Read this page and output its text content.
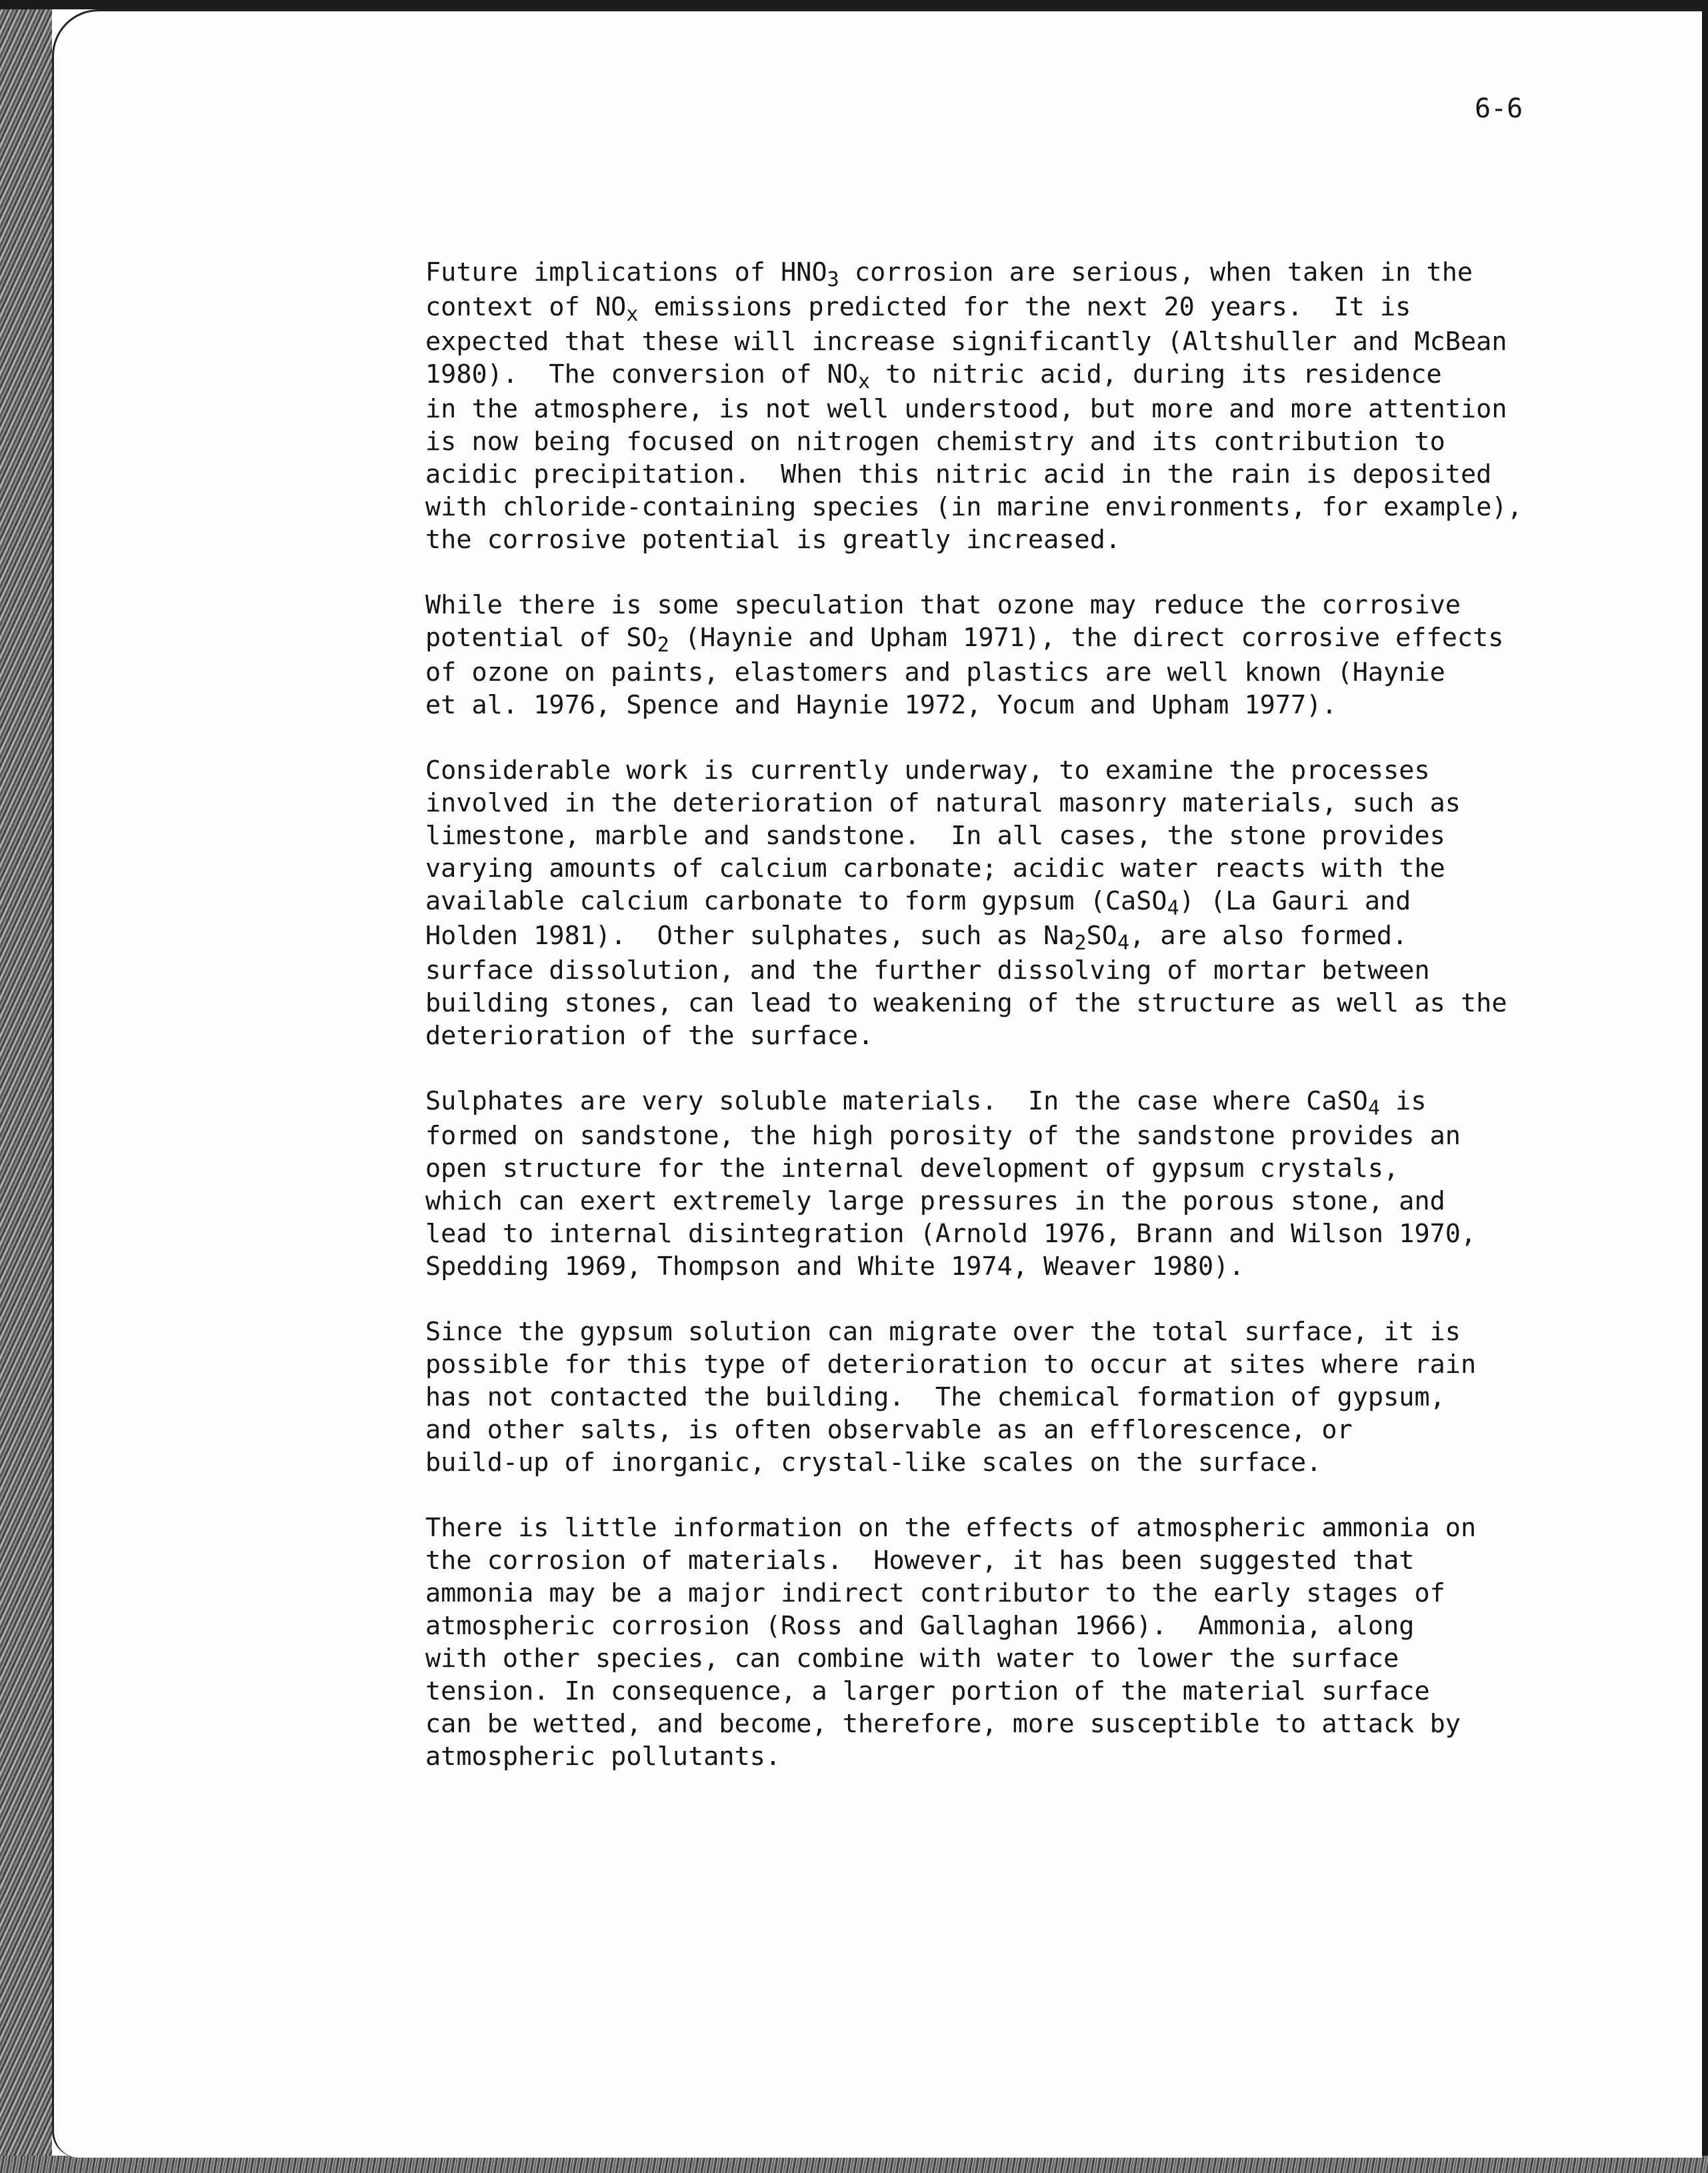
6-6
Future implications of $HNO_3$ corrosion are serious, when taken in the
context of $NO_x$ emissions predicted for the next 20 years.  It is
expected that these will increase significantly (Altshuller and McBean
1980).  The conversion of $NO_x$ to nitric acid, during its residence
in the atmosphere, is not well understood, but more and more attention
is now being focused on nitrogen chemistry and its contribution to
acidic precipitation.  When this nitric acid in the rain is deposited
with chloride-containing species (in marine environments, for example),
the corrosive potential is greatly increased.
While there is some speculation that ozone may reduce the corrosive
potential of $SO_2$ (Haynie and Upham 1971), the direct corrosive effects
of ozone on paints, elastomers and plastics are well known (Haynie
et al. 1976, Spence and Haynie 1972, Yocum and Upham 1977).
Considerable work is currently underway, to examine the processes
involved in the deterioration of natural masonry materials, such as
limestone, marble and sandstone.  In all cases, the stone provides
varying amounts of calcium carbonate; acidic water reacts with the
available calcium carbonate to form gypsum (CaSO$_4$) (La Gauri and
Holden 1981).  Other sulphates, such as $Na_2SO_4$, are also formed.
surface dissolution, and the further dissolving of mortar between
building stones, can lead to weakening of the structure as well as the
deterioration of the surface.
Sulphates are very soluble materials.  In the case where CaSO$_4$ is
formed on sandstone, the high porosity of the sandstone provides an
open structure for the internal development of gypsum crystals,
which can exert extremely large pressures in the porous stone, and
lead to internal disintegration (Arnold 1976, Brann and Wilson 1970,
Spedding 1969, Thompson and White 1974, Weaver 1980).
Since the gypsum solution can migrate over the total surface, it is
possible for this type of deterioration to occur at sites where rain
has not contacted the building.  The chemical formation of gypsum,
and other salts, is often observable as an efflorescence, or
build-up of inorganic, crystal-like scales on the surface.
There is little information on the effects of atmospheric ammonia on
the corrosion of materials.  However, it has been suggested that
ammonia may be a major indirect contributor to the early stages of
atmospheric corrosion (Ross and Gallaghan 1966).  Ammonia, along
with other species, can combine with water to lower the surface
tension. In consequence, a larger portion of the material surface
can be wetted, and become, therefore, more susceptible to attack by
atmospheric pollutants.
